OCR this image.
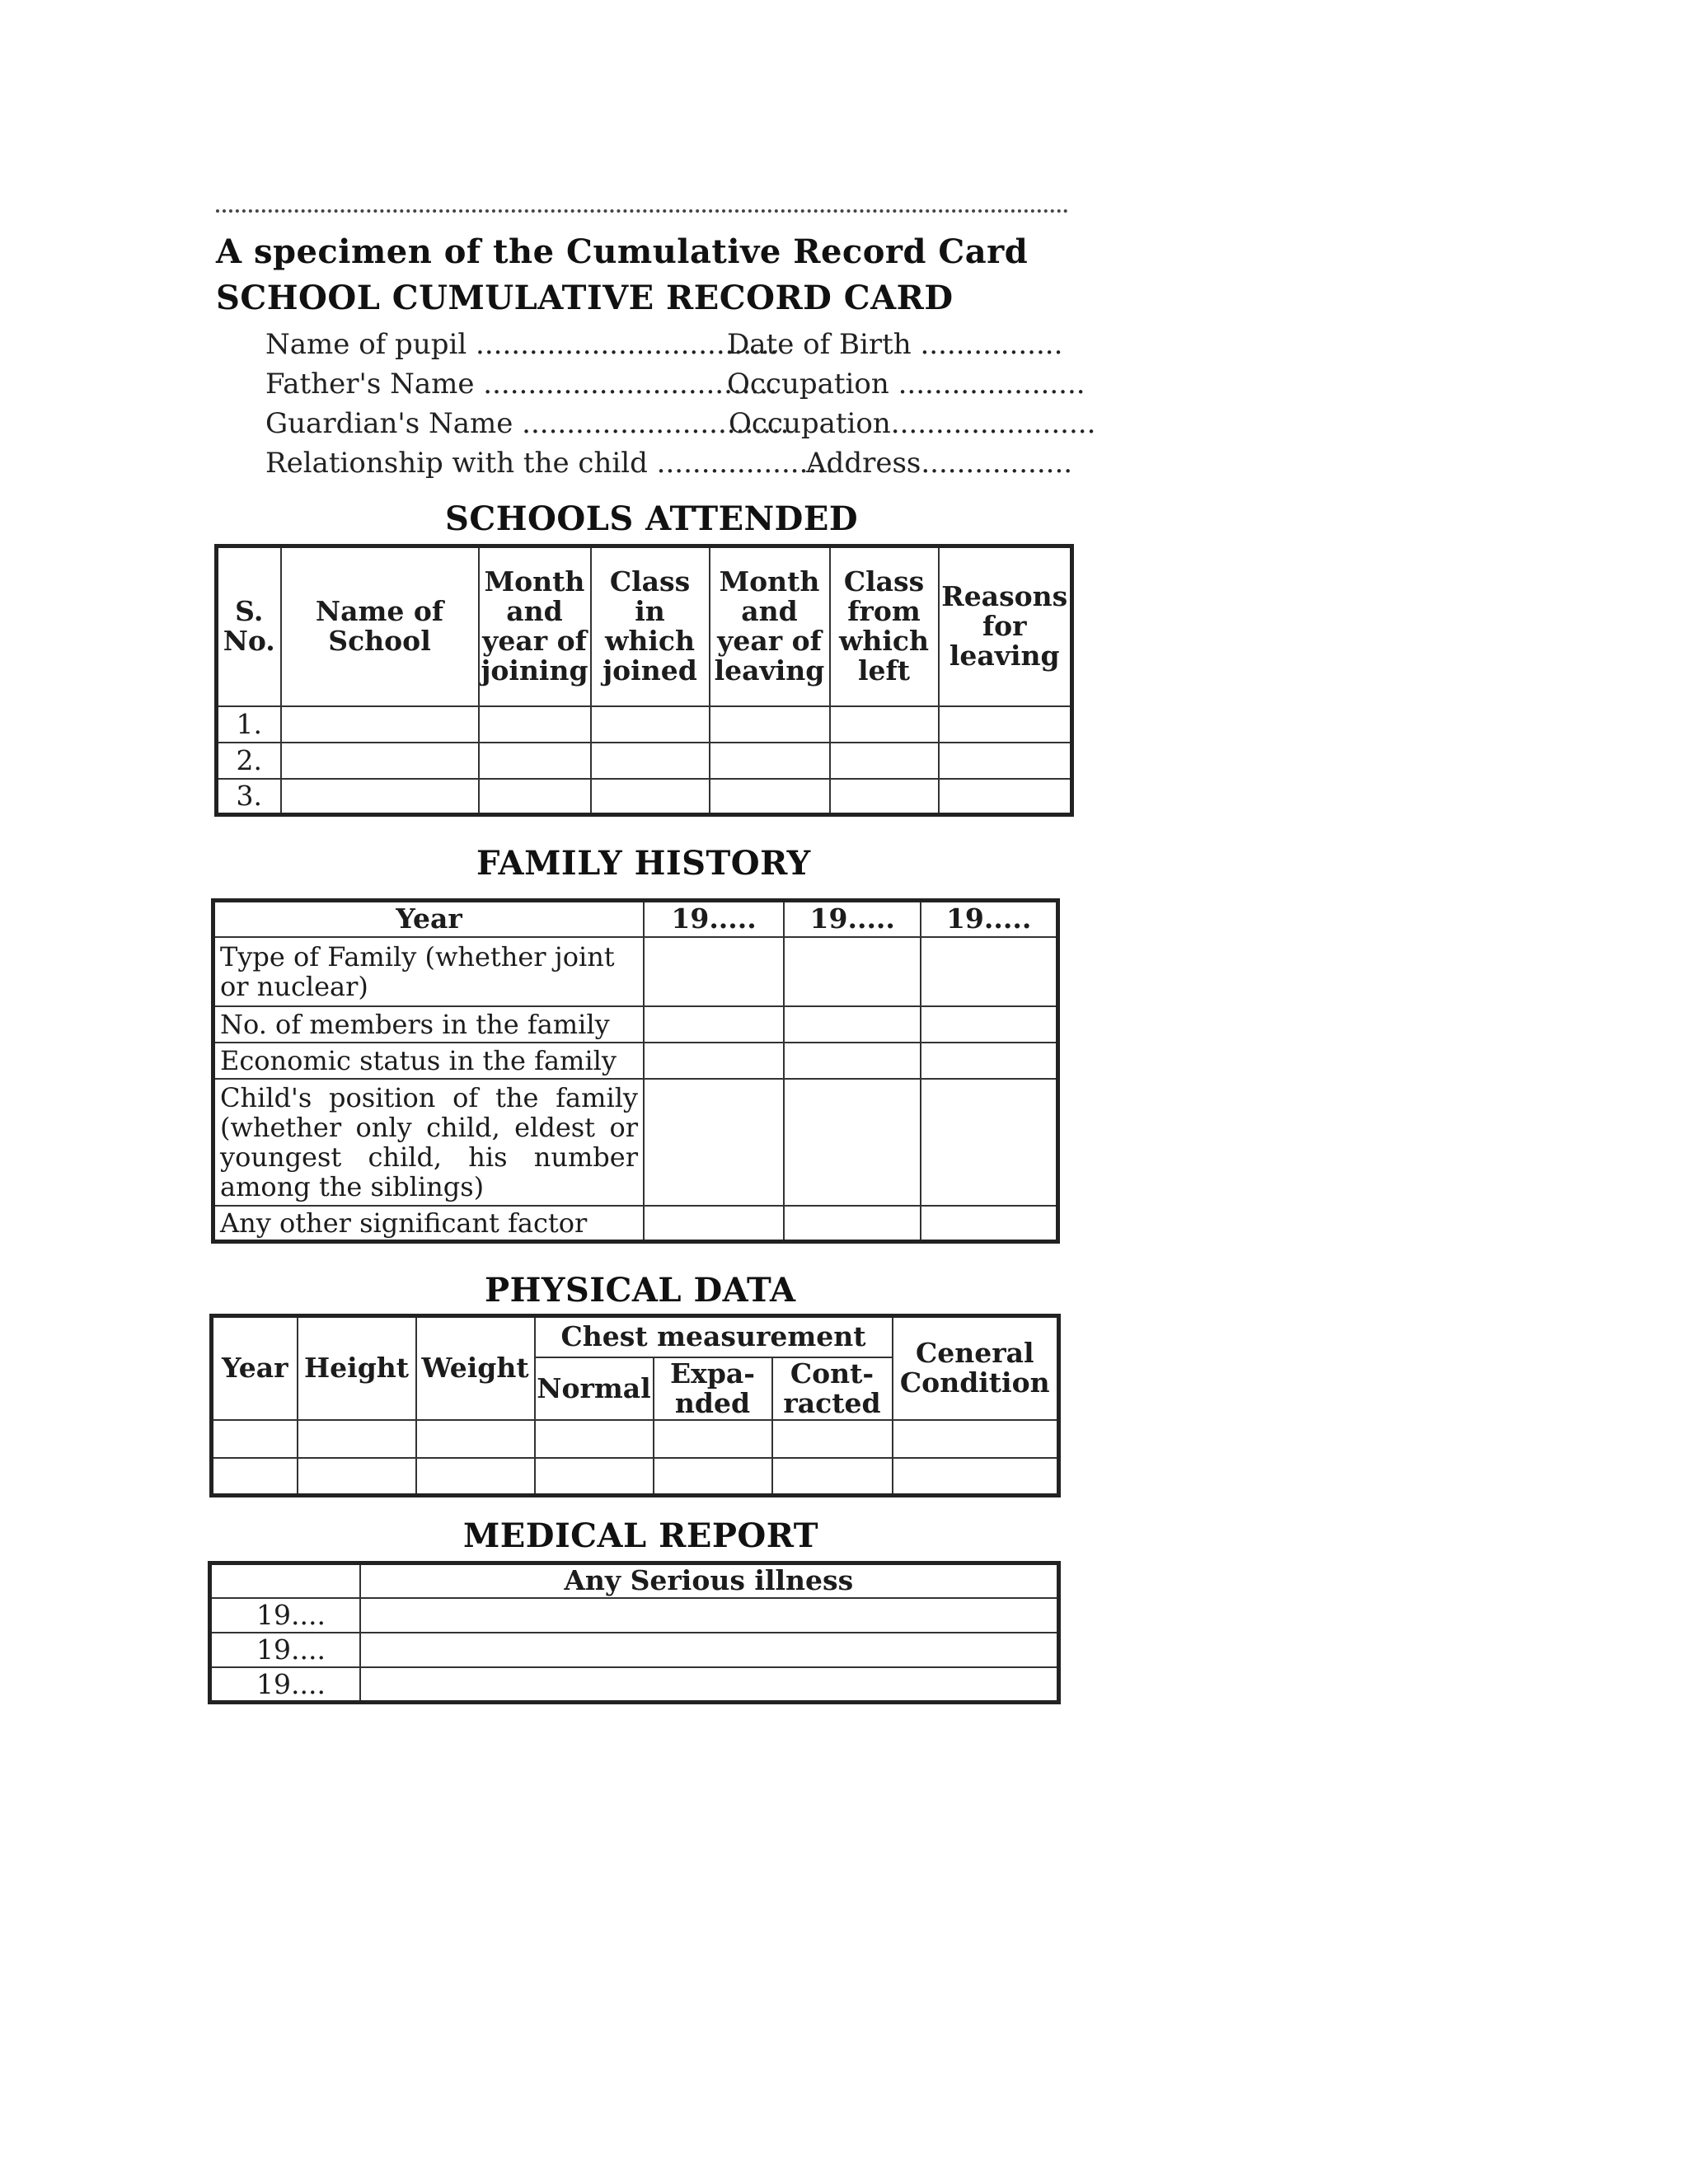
A specimen of the Cumulative Record Card
SCHOOL CUMULATIVE RECORD CARD
Name of pupil ..................................
Date of Birth ................
Father's Name .................................
Occupation .....................
Guardian's Name ..............................
Occupation.......................
Relationship with the child ....................
Address.................
SCHOOLS ATTENDED
S. No.	Name of School	Month and year of joining	Class in which joined	Month and year of leaving	Class from which left	Reasons for leaving
1.						
2.						
3.						
FAMILY HISTORY
Year	19.....	19.....	19.....
Type of Family (whether joint or nuclear)			
No. of members in the family			
Economic status in the family			
Child's position of the family (whether only child, eldest or youngest child, his number among the siblings)			
Any other significant factor			
PHYSICAL DATA
Year	Height	Weight	Chest measurement			Ceneral Condition
			Normal	Expa- nded	Cont- racted	

MEDICAL REPORT
	Any Serious illness
19....	
19....	
19....	
